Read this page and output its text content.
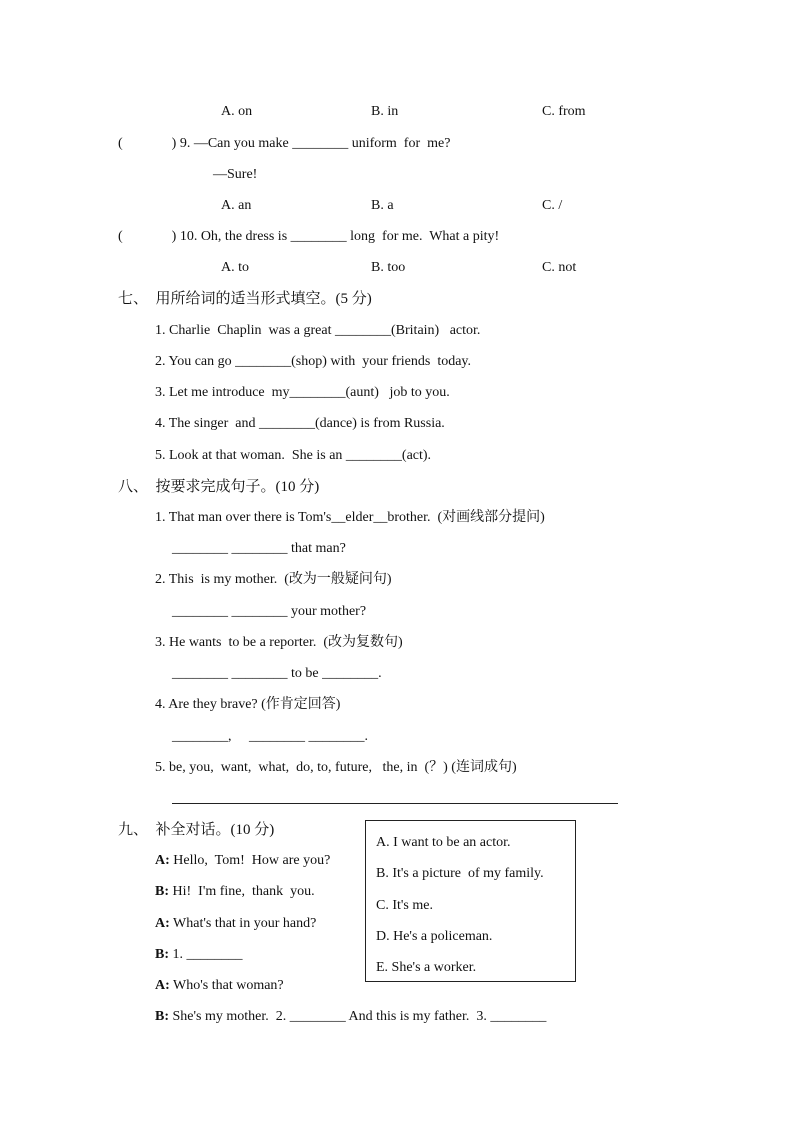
A. on	B. in	C. from
(              ) 9. —Can you make ________ uniform  for  me?
—Sure!
A. an	B. a	C. /
(              ) 10. Oh, the dress is ________ long  for me.  What a pity!
A. to	B. too	C. not
七、  用所给词的适当形式填空。(5 分)
1. Charlie  Chaplin  was a great ________(Britain)   actor.
2. You can go ________(shop) with  your friends  today.
3. Let me introduce  my________(aunt)   job to you.
4. The singer  and ________(dance) is from Russia.
5. Look at that woman.  She is an ________(act).
八、  按要求完成句子。(10 分)
1. That man over there is Tom's__elder__brother.  (对画线部分提问)
________ ________ that man?
2. This  is my mother.  (改为一般疑问句)
________ ________ your mother?
3. He wants  to be a reporter.  (改为复数句)
________ ________ to be ________.
4. Are they brave? (作肯定回答)
________,     ________ ________.
5. be, you,  want,  what,  do, to, future,   the, in  (？) (连词成句)
九、  补全对话。(10 分)
A: Hello,  Tom!  How are you?
B: Hi!  I'm fine,  thank  you.
A: What's that in your hand?
B: 1. ________
A: Who's that woman?
B: She's my mother.  2. ________ And this is my father.  3. ________
A. I want to be an actor.
B. It's a picture  of my family.
C. It's me.
D. He's a policeman.
E. She's a worker.
